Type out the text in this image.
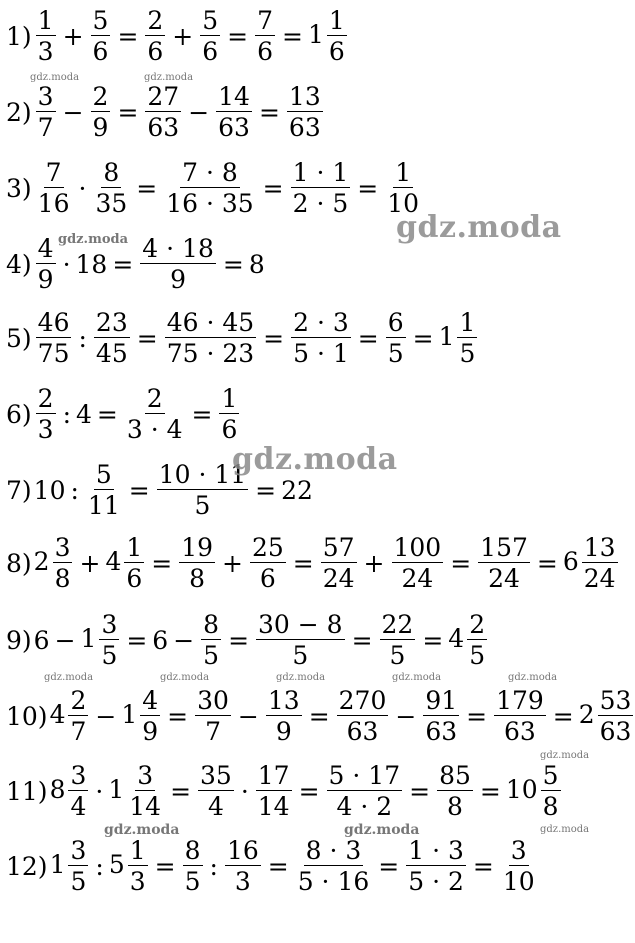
$1) \frac{1}{3} + \frac{5}{6} = \frac{2}{6} + \frac{5}{6} = \frac{7}{6} = 1 \frac{1}{6}$
$2) \frac{3}{7} - \frac{2}{9} = \frac{27}{63} - \frac{14}{63} = \frac{13}{63}$
$3) \frac{7}{16} \cdot \frac{8}{35} = \frac{7 \cdot 8}{16 \cdot 35} = \frac{1 \cdot 1}{2 \cdot 5} = \frac{1}{10}$
$4) \frac{4}{9} \cdot 18 = \frac{4 \cdot 18}{9} = 8$
$5) \frac{46}{75}$ : $\frac{23}{45} = \frac{46 \cdot 45}{75 \cdot 23} = \frac{2 \cdot 3}{5 \cdot 1} = \frac{6}{5} = 1 \frac{1}{5}$
$6) \frac{2}{3}$ : $4 = \frac{2}{3 \cdot 4} = \frac{1}{6}$
7) 10 : $\frac{5}{11} = \frac{10 \cdot 11}{5} = 22$
8) $2 \frac{3}{8} + 4 \frac{1}{6} = \frac{19}{8} + \frac{25}{6} = \frac{57}{24} + \frac{100}{24} = \frac{157}{24} = 6 \frac{13}{24}$
9) $6 - 1 \frac{3}{5} = 6 - \frac{8}{5} = \frac{30 - 8}{5} = \frac{22}{5} = 4 \frac{2}{5}$
10) $4 \frac{2}{7} - 1 \frac{4}{9} = \frac{30}{7} - \frac{13}{9} = \frac{270}{63} - \frac{91}{63} = \frac{179}{63} = 2 \frac{53}{63}$
11) $8 \frac{3}{4} \cdot 1 \frac{3}{14} = \frac{35}{4} \cdot \frac{17}{14} = \frac{5 \cdot 17}{4 \cdot 2} = \frac{85}{8} = 10 \frac{5}{8}$
12) $1 \frac{3}{5}$ : $5 \frac{1}{3} = \frac{8}{5}$ : $\frac{16}{3} = \frac{8 \cdot 3}{5 \cdot 16} = \frac{1 \cdot 3}{5 \cdot 2} = \frac{3}{10}$
gdz.moda
gdz.moda
gdz.moda	gdz.moda
gdz.moda
gdz.moda	gdz.moda	gdz.moda	gdz.moda	gdz.moda
gdz.moda
gdz.moda	gdz.moda	gdz.moda
